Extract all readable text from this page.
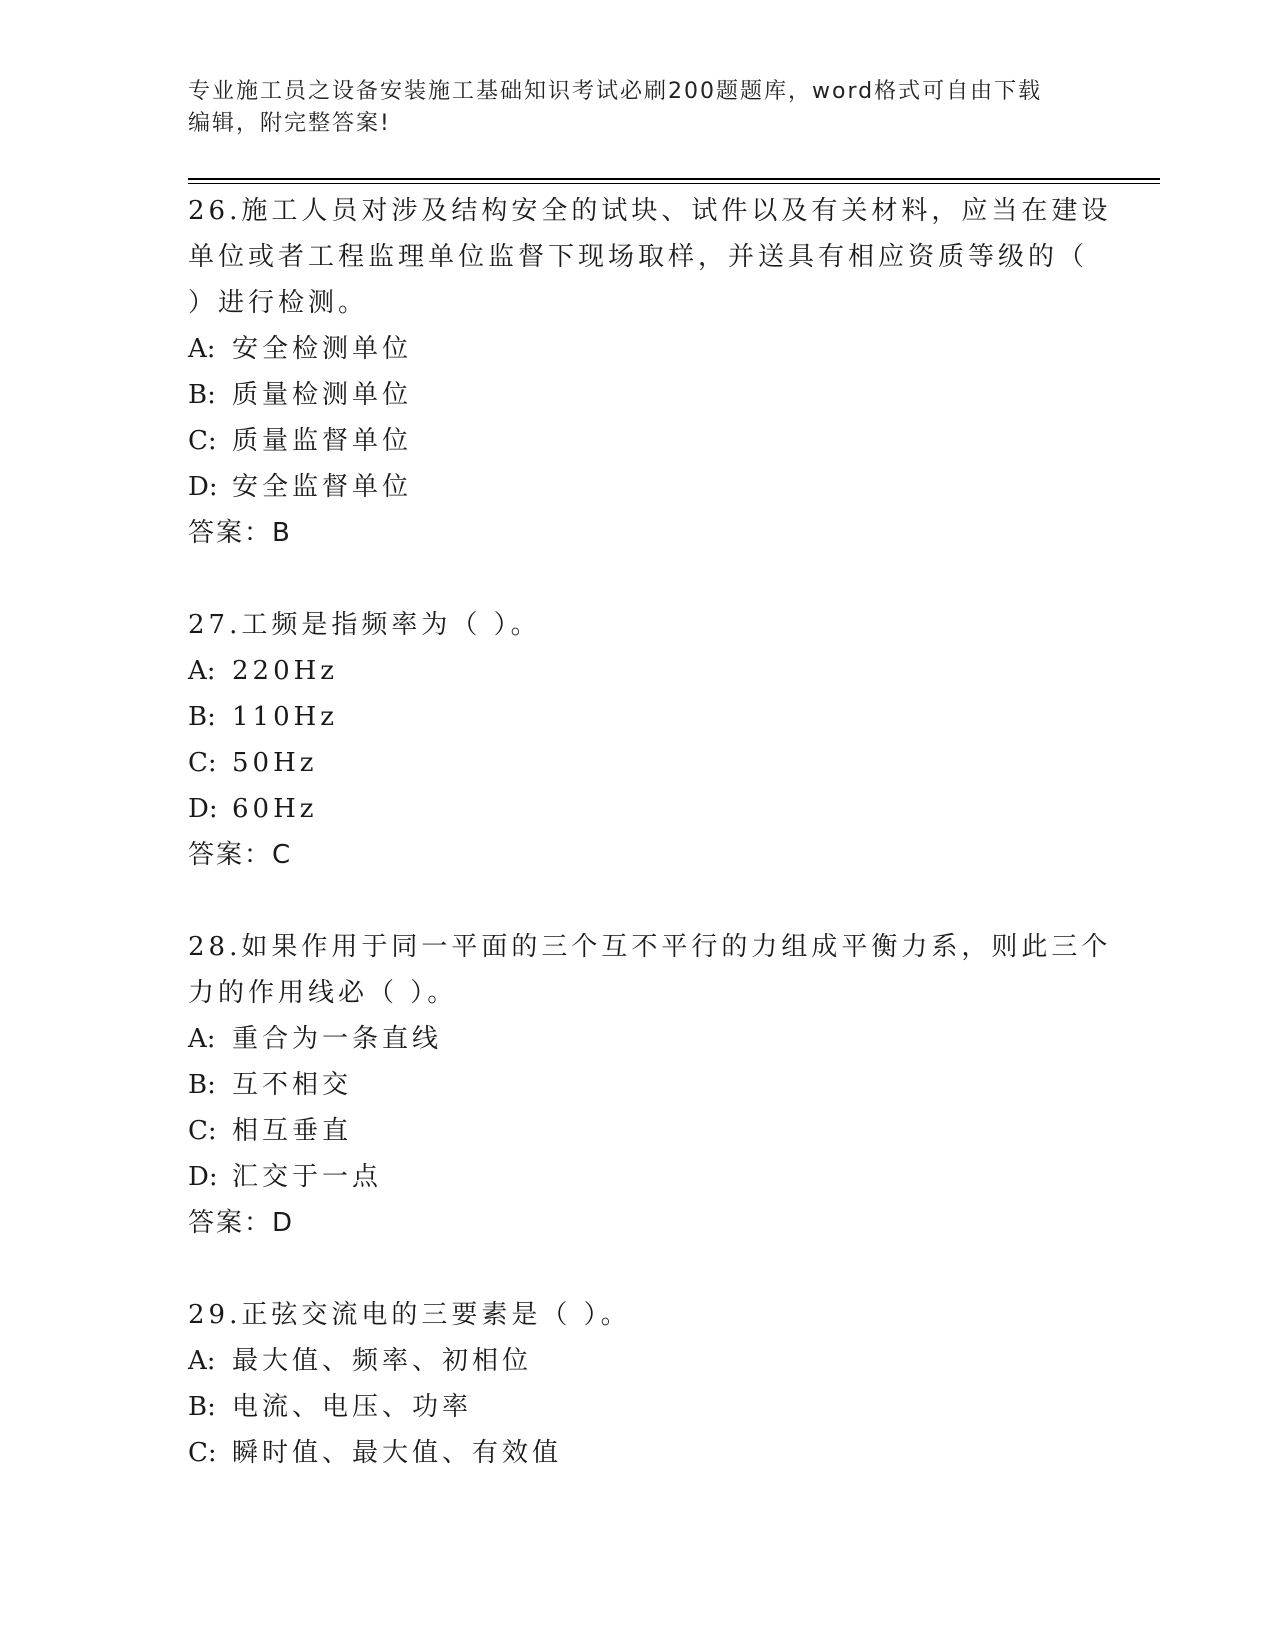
专业施工员之设备安装施工基础知识考试必刷200题题库，word格式可自由下载
编辑，附完整答案!
26.施工人员对涉及结构安全的试块、试件以及有关材料，应当在建设
单位或者工程监理单位监督下现场取样，并送具有相应资质等级的（
）进行检测。
A: 安全检测单位
B: 质量检测单位
C: 质量监督单位
D: 安全监督单位
答案：B
27.工频是指频率为（ ）。
A: 220Hz
B: 110Hz
C: 50Hz
D: 60Hz
答案：C
28.如果作用于同一平面的三个互不平行的力组成平衡力系，则此三个
力的作用线必（ ）。
A: 重合为一条直线
B: 互不相交
C: 相互垂直
D: 汇交于一点
答案：D
29.正弦交流电的三要素是（ ）。
A: 最大值、频率、初相位
B: 电流、电压、功率
C: 瞬时值、最大值、有效值
